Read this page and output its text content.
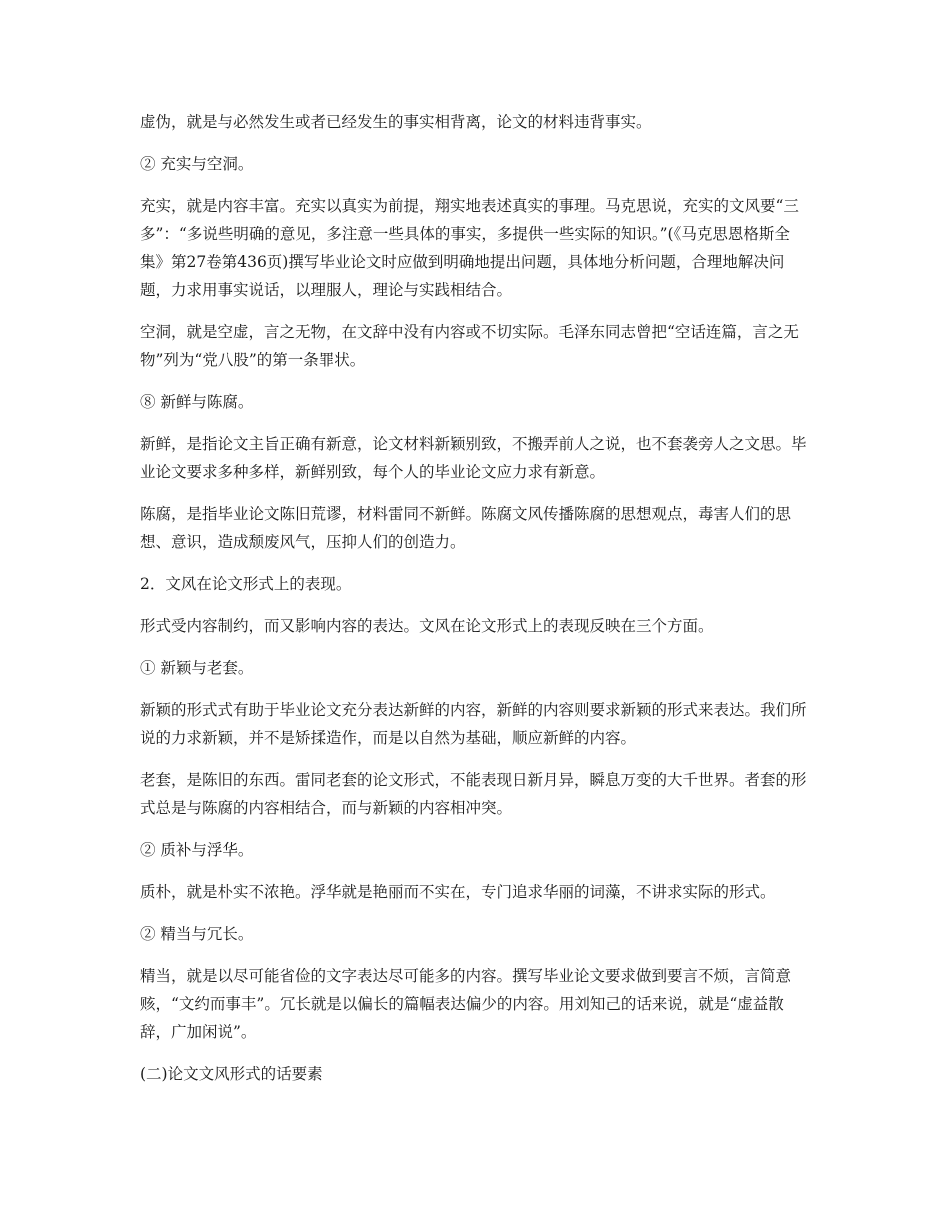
虚伪，就是与必然发生或者已经发生的事实相背离，论文的材料违背事实。

② 充实与空洞。

充实，就是内容丰富。充实以真实为前提，翔实地表述真实的事理。马克思说，充实的文风要“三多”：“多说些明确的意见，多注意一些具体的事实，多提供一些实际的知识。”(《马克思恩格斯全集》第27卷第436页)撰写毕业论文时应做到明确地提出问题，具体地分析问题，合理地解决问题，力求用事实说话，以理服人，理论与实践相结合。

空洞，就是空虚，言之无物，在文辞中没有内容或不切实际。毛泽东同志曾把“空话连篇，言之无物”列为“党八股”的第一条罪状。

⑧ 新鲜与陈腐。

新鲜，是指论文主旨正确有新意，论文材料新颖别致，不搬弄前人之说，也不套袭旁人之文思。毕业论文要求多种多样，新鲜别致，每个人的毕业论文应力求有新意。

陈腐，是指毕业论文陈旧荒谬，材料雷同不新鲜。陈腐文风传播陈腐的思想观点，毒害人们的思想、意识，造成颓废风气，压抑人们的创造力。

2．文风在论文形式上的表现。

形式受内容制约，而又影响内容的表达。文风在论文形式上的表现反映在三个方面。

① 新颖与老套。

新颖的形式式有助于毕业论文充分表达新鲜的内容，新鲜的内容则要求新颖的形式来表达。我们所说的力求新颖，并不是矫揉造作，而是以自然为基础，顺应新鲜的内容。

老套，是陈旧的东西。雷同老套的论文形式，不能表现日新月异，瞬息万变的大千世界。者套的形式总是与陈腐的内容相结合，而与新颖的内容相冲突。

② 质补与浮华。

质朴，就是朴实不浓艳。浮华就是艳丽而不实在，专门追求华丽的词藻，不讲求实际的形式。

② 精当与冗长。

精当，就是以尽可能省俭的文字表达尽可能多的内容。撰写毕业论文要求做到要言不烦，言简意赅，“文约而事丰”。冗长就是以偏长的篇幅表达偏少的内容。用刘知己的话来说，就是“虚益散辞，广加闲说”。

(二)论文文风形式的话要素
